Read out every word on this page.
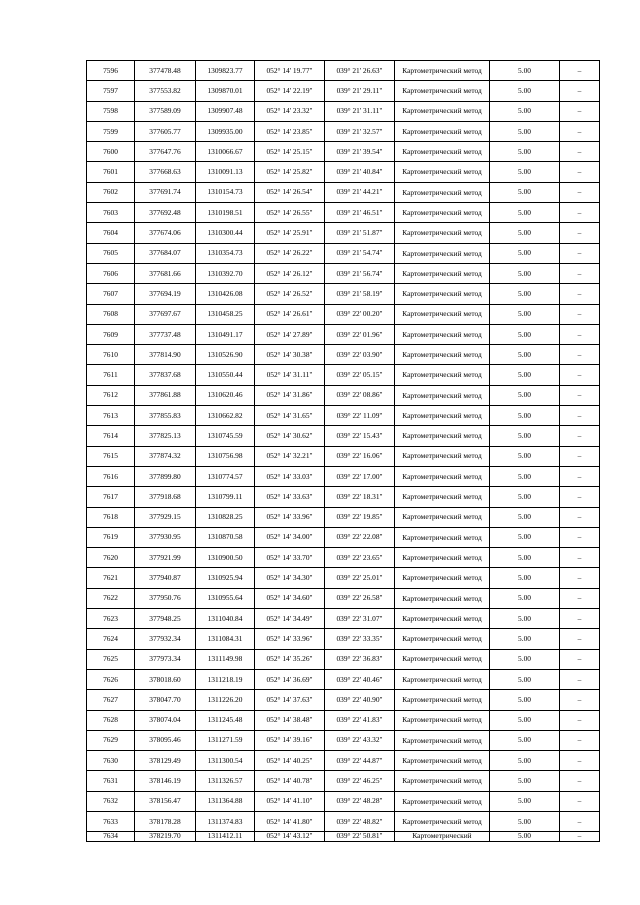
7596	377478.48	1309823.77	052° 14' 19.77"	039° 21' 26.63"	Картометрический метод	5.00	–
7597	377553.82	1309870.01	052° 14' 22.19"	039° 21' 29.11"	Картометрический метод	5.00	–
7598	377589.09	1309907.48	052° 14' 23.32"	039° 21' 31.11"	Картометрический метод	5.00	–
7599	377605.77	1309935.00	052° 14' 23.85"	039° 21' 32.57"	Картометрический метод	5.00	–
7600	377647.76	1310066.67	052° 14' 25.15"	039° 21' 39.54"	Картометрический метод	5.00	–
7601	377668.63	1310091.13	052° 14' 25.82"	039° 21' 40.84"	Картометрический метод	5.00	–
7602	377691.74	1310154.73	052° 14' 26.54"	039° 21' 44.21"	Картометрический метод	5.00	–
7603	377692.48	1310198.51	052° 14' 26.55"	039° 21' 46.51"	Картометрический метод	5.00	–
7604	377674.06	1310300.44	052° 14' 25.91"	039° 21' 51.87"	Картометрический метод	5.00	–
7605	377684.07	1310354.73	052° 14' 26.22"	039° 21' 54.74"	Картометрический метод	5.00	–
7606	377681.66	1310392.70	052° 14' 26.12"	039° 21' 56.74"	Картометрический метод	5.00	–
7607	377694.19	1310426.08	052° 14' 26.52"	039° 21' 58.19"	Картометрический метод	5.00	–
7608	377697.67	1310458.25	052° 14' 26.61"	039° 22' 00.20"	Картометрический метод	5.00	–
7609	377737.48	1310491.17	052° 14' 27.89"	039° 22' 01.96"	Картометрический метод	5.00	–
7610	377814.90	1310526.90	052° 14' 30.38"	039° 22' 03.90"	Картометрический метод	5.00	–
7611	377837.68	1310550.44	052° 14' 31.11"	039° 22' 05.15"	Картометрический метод	5.00	–
7612	377861.88	1310620.46	052° 14' 31.86"	039° 22' 08.86"	Картометрический метод	5.00	–
7613	377855.83	1310662.82	052° 14' 31.65"	039° 22' 11.09"	Картометрический метод	5.00	–
7614	377825.13	1310745.59	052° 14' 30.62"	039° 22' 15.43"	Картометрический метод	5.00	–
7615	377874.32	1310756.98	052° 14' 32.21"	039° 22' 16.06"	Картометрический метод	5.00	–
7616	377899.80	1310774.57	052° 14' 33.03"	039° 22' 17.00"	Картометрический метод	5.00	–
7617	377918.68	1310799.11	052° 14' 33.63"	039° 22' 18.31"	Картометрический метод	5.00	–
7618	377929.15	1310828.25	052° 14' 33.96"	039° 22' 19.85"	Картометрический метод	5.00	–
7619	377930.95	1310870.58	052° 14' 34.00"	039° 22' 22.08"	Картометрический метод	5.00	–
7620	377921.99	1310900.50	052° 14' 33.70"	039° 22' 23.65"	Картометрический метод	5.00	–
7621	377940.87	1310925.94	052° 14' 34.30"	039° 22' 25.01"	Картометрический метод	5.00	–
7622	377950.76	1310955.64	052° 14' 34.60"	039° 22' 26.58"	Картометрический метод	5.00	–
7623	377948.25	1311040.84	052° 14' 34.49"	039° 22' 31.07"	Картометрический метод	5.00	–
7624	377932.34	1311084.31	052° 14' 33.96"	039° 22' 33.35"	Картометрический метод	5.00	–
7625	377973.34	1311149.98	052° 14' 35.26"	039° 22' 36.83"	Картометрический метод	5.00	–
7626	378018.60	1311218.19	052° 14' 36.69"	039° 22' 40.46"	Картометрический метод	5.00	–
7627	378047.70	1311226.20	052° 14' 37.63"	039° 22' 40.90"	Картометрический метод	5.00	–
7628	378074.04	1311245.48	052° 14' 38.48"	039° 22' 41.83"	Картометрический метод	5.00	–
7629	378095.46	1311271.59	052° 14' 39.16"	039° 22' 43.32"	Картометрический метод	5.00	–
7630	378129.49	1311300.54	052° 14' 40.25"	039° 22' 44.87"	Картометрический метод	5.00	–
7631	378146.19	1311326.57	052° 14' 40.78"	039° 22' 46.25"	Картометрический метод	5.00	–
7632	378156.47	1311364.88	052° 14' 41.10"	039° 22' 48.28"	Картометрический метод	5.00	–
7633	378178.28	1311374.83	052° 14' 41.80"	039° 22' 48.82"	Картометрический метод	5.00	–
7634	378219.70	1311412.11	052° 14' 43.12"	039° 22' 50.81"	Картометрический	5.00	–
